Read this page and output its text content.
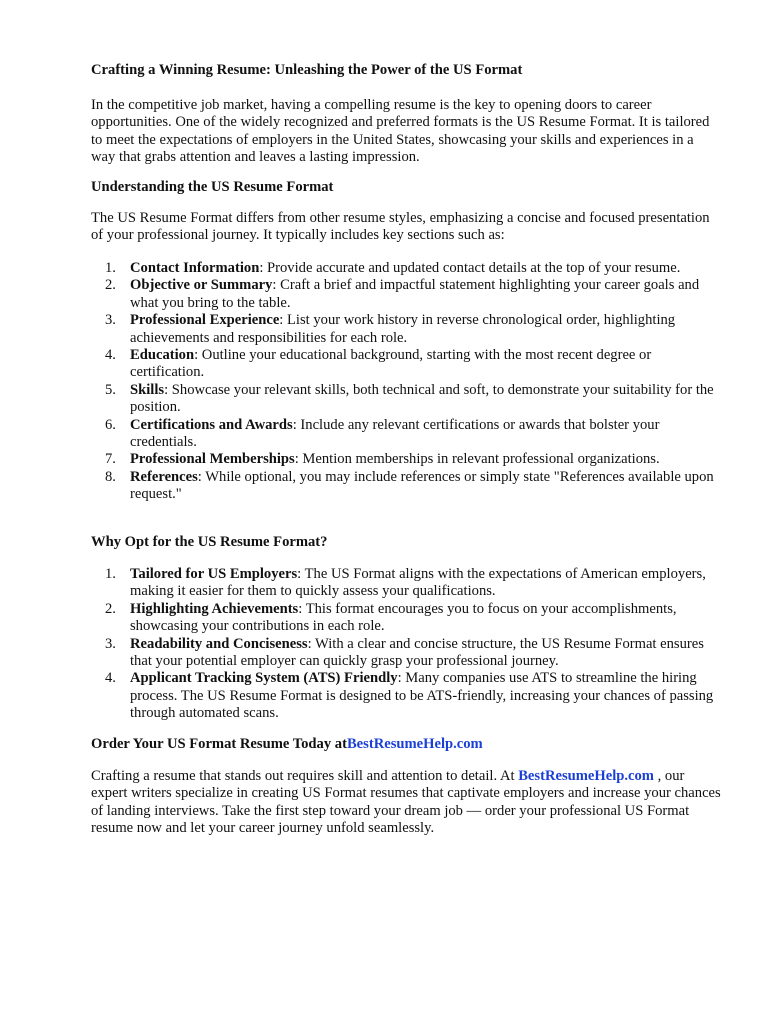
Crafting a Winning Resume: Unleashing the Power of the US Format

In the competitive job market, having a compelling resume is the key to opening doors to career opportunities. One of the widely recognized and preferred formats is the US Resume Format. It is tailored to meet the expectations of employers in the United States, showcasing your skills and experiences in a way that grabs attention and leaves a lasting impression.

Understanding the US Resume Format

The US Resume Format differs from other resume styles, emphasizing a concise and focused presentation of your professional journey. It typically includes key sections such as:

1. Contact Information: Provide accurate and updated contact details at the top of your resume.
2. Objective or Summary: Craft a brief and impactful statement highlighting your career goals and what you bring to the table.
3. Professional Experience: List your work history in reverse chronological order, highlighting achievements and responsibilities for each role.
4. Education: Outline your educational background, starting with the most recent degree or certification.
5. Skills: Showcase your relevant skills, both technical and soft, to demonstrate your suitability for the position.
6. Certifications and Awards: Include any relevant certifications or awards that bolster your credentials.
7. Professional Memberships: Mention memberships in relevant professional organizations.
8. References: While optional, you may include references or simply state "References available upon request."
Why Opt for the US Resume Format?
1. Tailored for US Employers: The US Format aligns with the expectations of American employers, making it easier for them to quickly assess your qualifications.
2. Highlighting Achievements: This format encourages you to focus on your accomplishments, showcasing your contributions in each role.
3. Readability and Conciseness: With a clear and concise structure, the US Resume Format ensures that your potential employer can quickly grasp your professional journey.
4. Applicant Tracking System (ATS) Friendly: Many companies use ATS to streamline the hiring process. The US Resume Format is designed to be ATS-friendly, increasing your chances of passing through automated scans.
Order Your US Format Resume Today atBestResumeHelp.com

Crafting a resume that stands out requires skill and attention to detail. At BestResumeHelp.com , our expert writers specialize in creating US Format resumes that captivate employers and increase your chances of landing interviews. Take the first step toward your dream job — order your professional US Format resume now and let your career journey unfold seamlessly.
